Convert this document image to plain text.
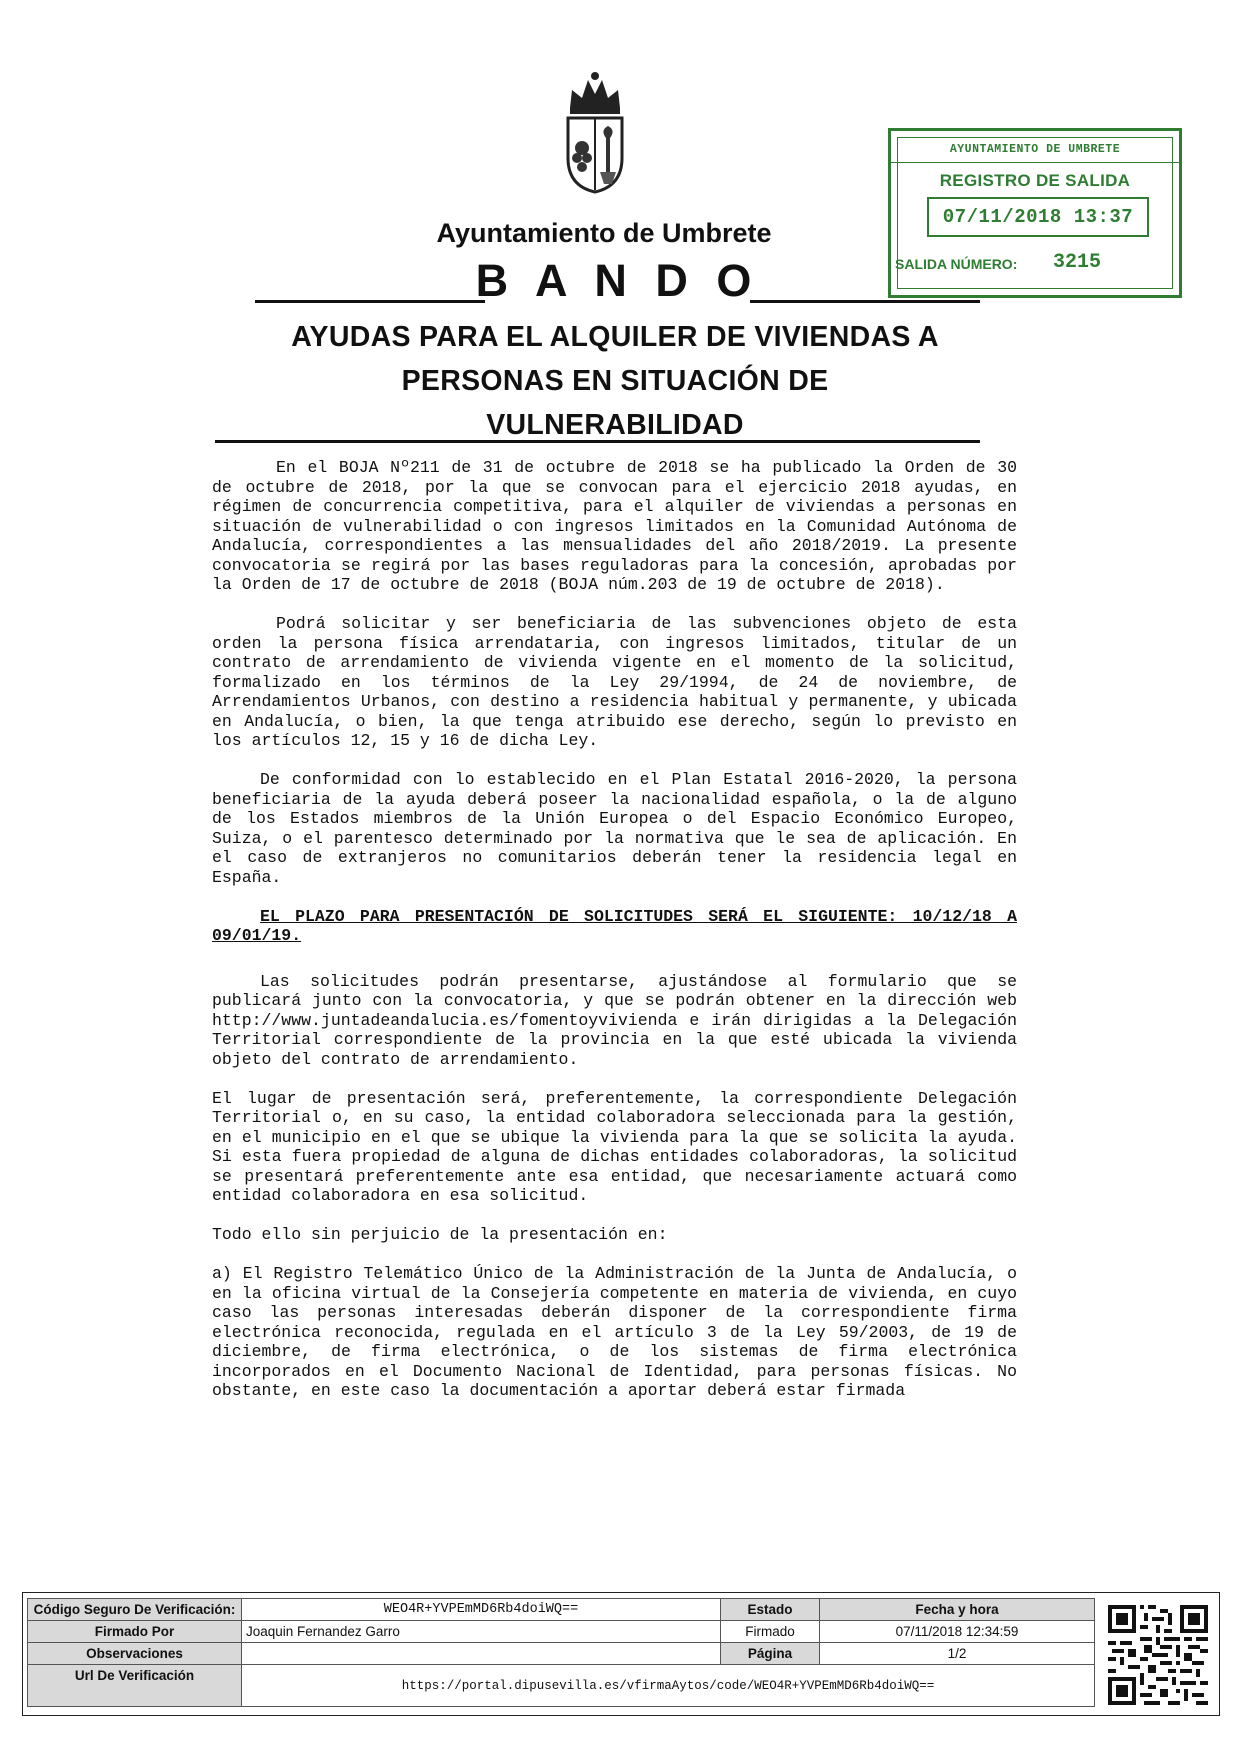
AYUNTAMIENTO DE UMBRETE
REGISTRO DE SALIDA
07/11/2018 13:37
SALIDA NÚMERO: 3215
Ayuntamiento de Umbrete
B A N D O
AYUDAS PARA EL ALQUILER DE VIVIENDAS A
PERSONAS EN SITUACIÓN DE
VULNERABILIDAD

En el BOJA Nº211 de 31 de octubre de 2018 se ha publicado la Orden de 30 de octubre de 2018, por la que se convocan para el ejercicio 2018 ayudas, en régimen de concurrencia competitiva, para el alquiler de viviendas a personas en situación de vulnerabilidad o con ingresos limitados en la Comunidad Autónoma de Andalucía, correspondientes a las mensualidades del año 2018/2019. La presente convocatoria se regirá por las bases reguladoras para la concesión, aprobadas por la Orden de 17 de octubre de 2018 (BOJA núm.203 de 19 de octubre de 2018).

Podrá solicitar y ser beneficiaria de las subvenciones objeto de esta orden la persona física arrendataria, con ingresos limitados, titular de un contrato de arrendamiento de vivienda vigente en el momento de la solicitud, formalizado en los términos de la Ley 29/1994, de 24 de noviembre, de Arrendamientos Urbanos, con destino a residencia habitual y permanente, y ubicada en Andalucía, o bien, la que tenga atribuido ese derecho, según lo previsto en los artículos 12, 15 y 16 de dicha Ley.

De conformidad con lo establecido en el Plan Estatal 2016-2020, la persona beneficiaria de la ayuda deberá poseer la nacionalidad española, o la de alguno de los Estados miembros de la Unión Europea o del Espacio Económico Europeo, Suiza, o el parentesco determinado por la normativa que le sea de aplicación. En el caso de extranjeros no comunitarios deberán tener la residencia legal en España.

EL PLAZO PARA PRESENTACIÓN DE SOLICITUDES SERÁ EL SIGUIENTE: 10/12/18 A 09/01/19.

Las solicitudes podrán presentarse, ajustándose al formulario que se publicará junto con la convocatoria, y que se podrán obtener en la dirección web http://www.juntadeandalucia.es/fomentoyvivienda e irán dirigidas a la Delegación Territorial correspondiente de la provincia en la que esté ubicada la vivienda objeto del contrato de arrendamiento.

El lugar de presentación será, preferentemente, la correspondiente Delegación Territorial o, en su caso, la entidad colaboradora seleccionada para la gestión, en el municipio en el que se ubique la vivienda para la que se solicita la ayuda. Si esta fuera propiedad de alguna de dichas entidades colaboradoras, la solicitud se presentará preferentemente ante esa entidad, que necesariamente actuará como entidad colaboradora en esa solicitud.

Todo ello sin perjuicio de la presentación en:

a) El Registro Telemático Único de la Administración de la Junta de Andalucía, o en la oficina virtual de la Consejería competente en materia de vivienda, en cuyo caso las personas interesadas deberán disponer de la correspondiente firma electrónica reconocida, regulada en el artículo 3 de la Ley 59/2003, de 19 de diciembre, de firma electrónica, o de los sistemas de firma electrónica incorporados en el Documento Nacional de Identidad, para personas físicas. No obstante, en este caso la documentación a aportar deberá estar firmada

Código Seguro De Verificación:	WEO4R+YVPEmMD6Rb4doiWQ==	Estado	Fecha y hora
Firmado Por	Joaquin Fernandez Garro	Firmado	07/11/2018 12:34:59
Observaciones		Página	1/2
Url De Verificación	https://portal.dipusevilla.es/vfirmaAytos/code/WEO4R+YVPEmMD6Rb4doiWQ==		
